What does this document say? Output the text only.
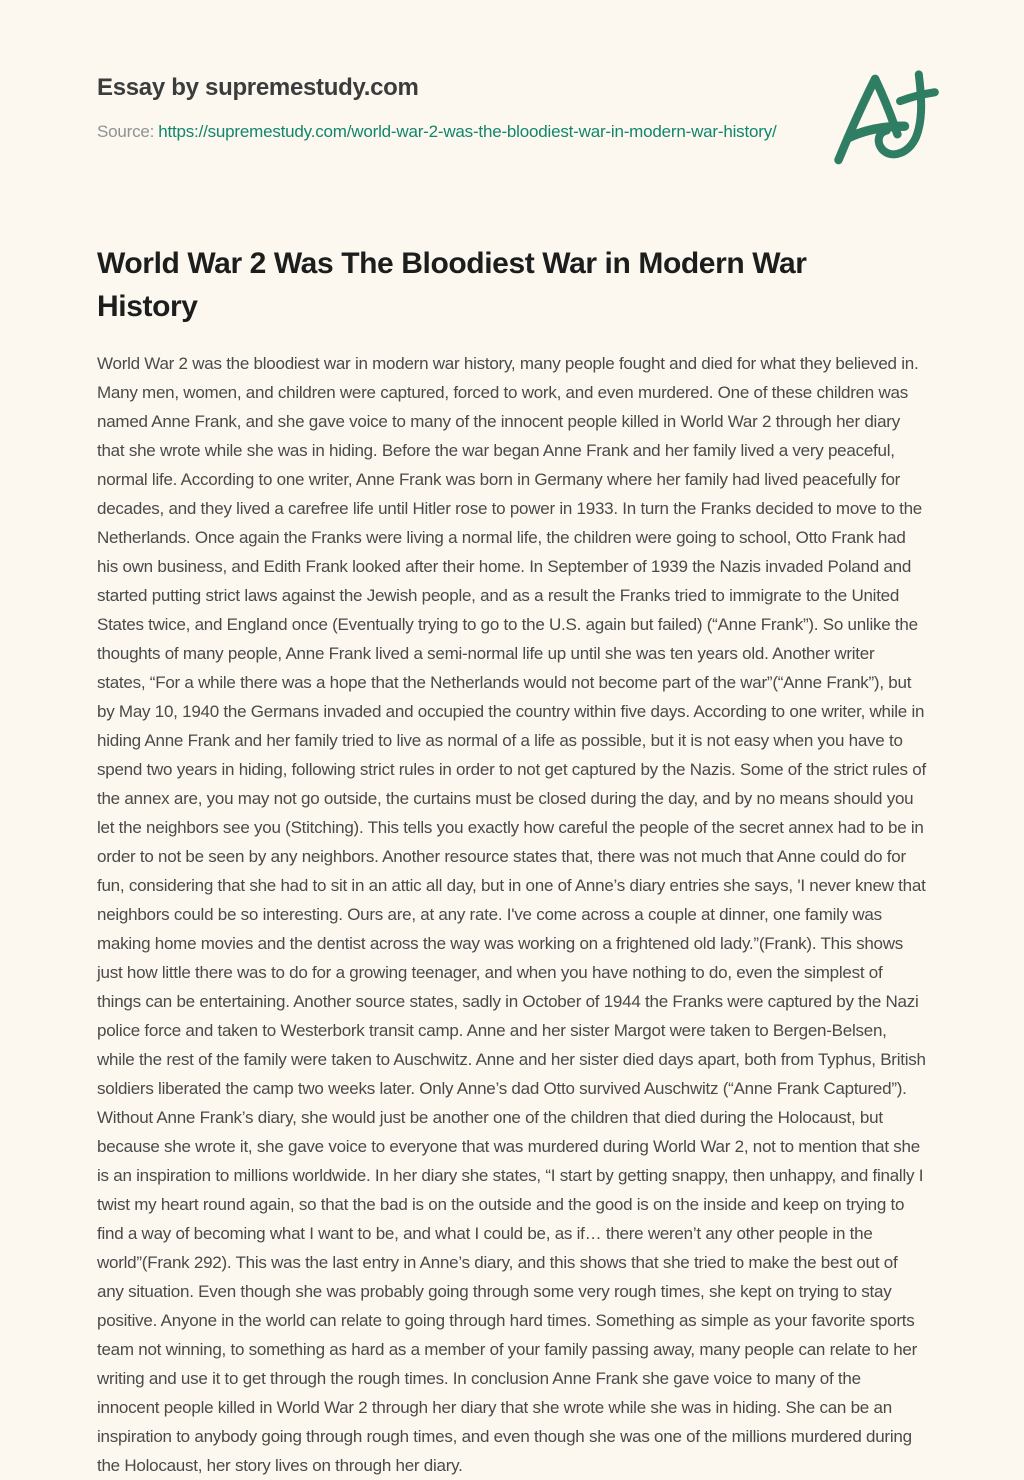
Essay by supremestudy.com

Source: https://supremestudy.com/world-war-2-was-the-bloodiest-war-in-modern-war-history/

World War 2 Was The Bloodiest War in Modern War History

World War 2 was the bloodiest war in modern war history, many people fought and died for what they believed in. Many men, women, and children were captured, forced to work, and even murdered. One of these children was named Anne Frank, and she gave voice to many of the innocent people killed in World War 2 through her diary that she wrote while she was in hiding. Before the war began Anne Frank and her family lived a very peaceful, normal life. According to one writer, Anne Frank was born in Germany where her family had lived peacefully for decades, and they lived a carefree life until Hitler rose to power in 1933. In turn the Franks decided to move to the Netherlands. Once again the Franks were living a normal life, the children were going to school, Otto Frank had his own business, and Edith Frank looked after their home. In September of 1939 the Nazis invaded Poland and started putting strict laws against the Jewish people, and as a result the Franks tried to immigrate to the United States twice, and England once (Eventually trying to go to the U.S. again but failed) (“Anne Frank”). So unlike the thoughts of many people, Anne Frank lived a semi-normal life up until she was ten years old. Another writer states, “For a while there was a hope that the Netherlands would not become part of the war”(“Anne Frank”), but by May 10, 1940 the Germans invaded and occupied the country within five days. According to one writer, while in hiding Anne Frank and her family tried to live as normal of a life as possible, but it is not easy when you have to spend two years in hiding, following strict rules in order to not get captured by the Nazis. Some of the strict rules of the annex are, you may not go outside, the curtains must be closed during the day, and by no means should you let the neighbors see you (Stitching). This tells you exactly how careful the people of the secret annex had to be in order to not be seen by any neighbors. Another resource states that, there was not much that Anne could do for fun, considering that she had to sit in an attic all day, but in one of Anne’s diary entries she says, 'I never knew that neighbors could be so interesting. Ours are, at any rate. I've come across a couple at dinner, one family was making home movies and the dentist across the way was working on a frightened old lady.”(Frank). This shows just how little there was to do for a growing teenager, and when you have nothing to do, even the simplest of things can be entertaining. Another source states, sadly in October of 1944 the Franks were captured by the Nazi police force and taken to Westerbork transit camp. Anne and her sister Margot were taken to Bergen-Belsen, while the rest of the family were taken to Auschwitz. Anne and her sister died days apart, both from Typhus, British soldiers liberated the camp two weeks later. Only Anne’s dad Otto survived Auschwitz (“Anne Frank Captured”). Without Anne Frank’s diary, she would just be another one of the children that died during the Holocaust, but because she wrote it, she gave voice to everyone that was murdered during World War 2, not to mention that she is an inspiration to millions worldwide. In her diary she states, “I start by getting snappy, then unhappy, and finally I twist my heart round again, so that the bad is on the outside and the good is on the inside and keep on trying to find a way of becoming what I want to be, and what I could be, as if… there weren’t any other people in the world”(Frank 292). This was the last entry in Anne’s diary, and this shows that she tried to make the best out of any situation. Even though she was probably going through some very rough times, she kept on trying to stay positive. Anyone in the world can relate to going through hard times. Something as simple as your favorite sports team not winning, to something as hard as a member of your family passing away, many people can relate to her writing and use it to get through the rough times. In conclusion Anne Frank she gave voice to many of the innocent people killed in World War 2 through her diary that she wrote while she was in hiding. She can be an inspiration to anybody going through rough times, and even though she was one of the millions murdered during the Holocaust, her story lives on through her diary.
